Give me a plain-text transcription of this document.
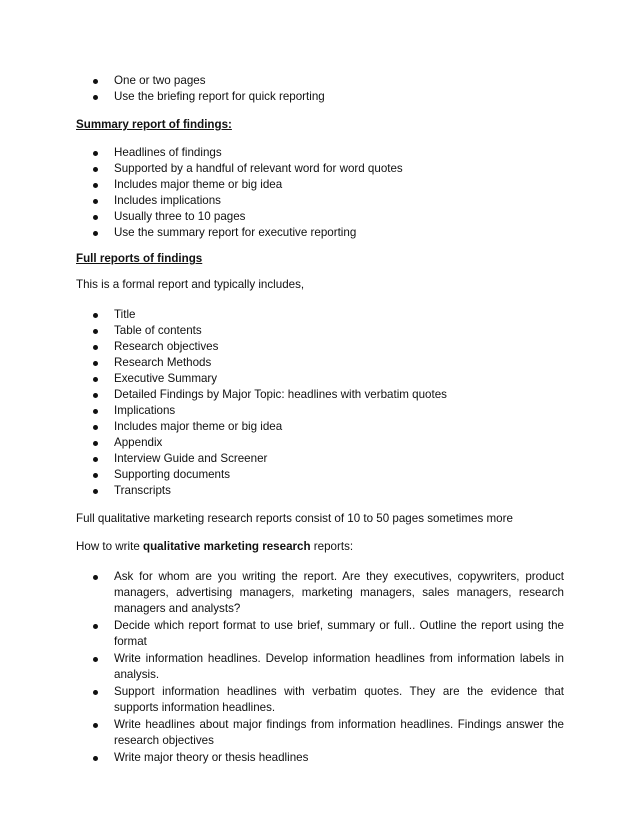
One or two pages
Use the briefing report for quick reporting
Summary report of findings:
Headlines of findings
Supported by a handful of relevant word for word quotes
Includes major theme or big idea
Includes implications
Usually three to 10 pages
Use the summary report for executive reporting
Full reports of findings
This is a formal report and typically includes,
Title
Table of contents
Research objectives
Research Methods
Executive Summary
Detailed Findings by Major Topic: headlines with verbatim quotes
Implications
Includes major theme or big idea
Appendix
Interview Guide and Screener
Supporting documents
Transcripts
Full qualitative marketing research reports consist of 10 to 50 pages sometimes more
How to write qualitative marketing research reports:
Ask for whom are you writing the report. Are they executives, copywriters, product managers, advertising managers, marketing managers, sales managers, research managers and analysts?
Decide which report format to use brief, summary or full.. Outline the report using the format
Write information headlines. Develop information headlines from information labels in analysis.
Support information headlines with verbatim quotes. They are the evidence that supports information headlines.
Write headlines about major findings from information headlines. Findings answer the research objectives
Write major theory or thesis headlines
